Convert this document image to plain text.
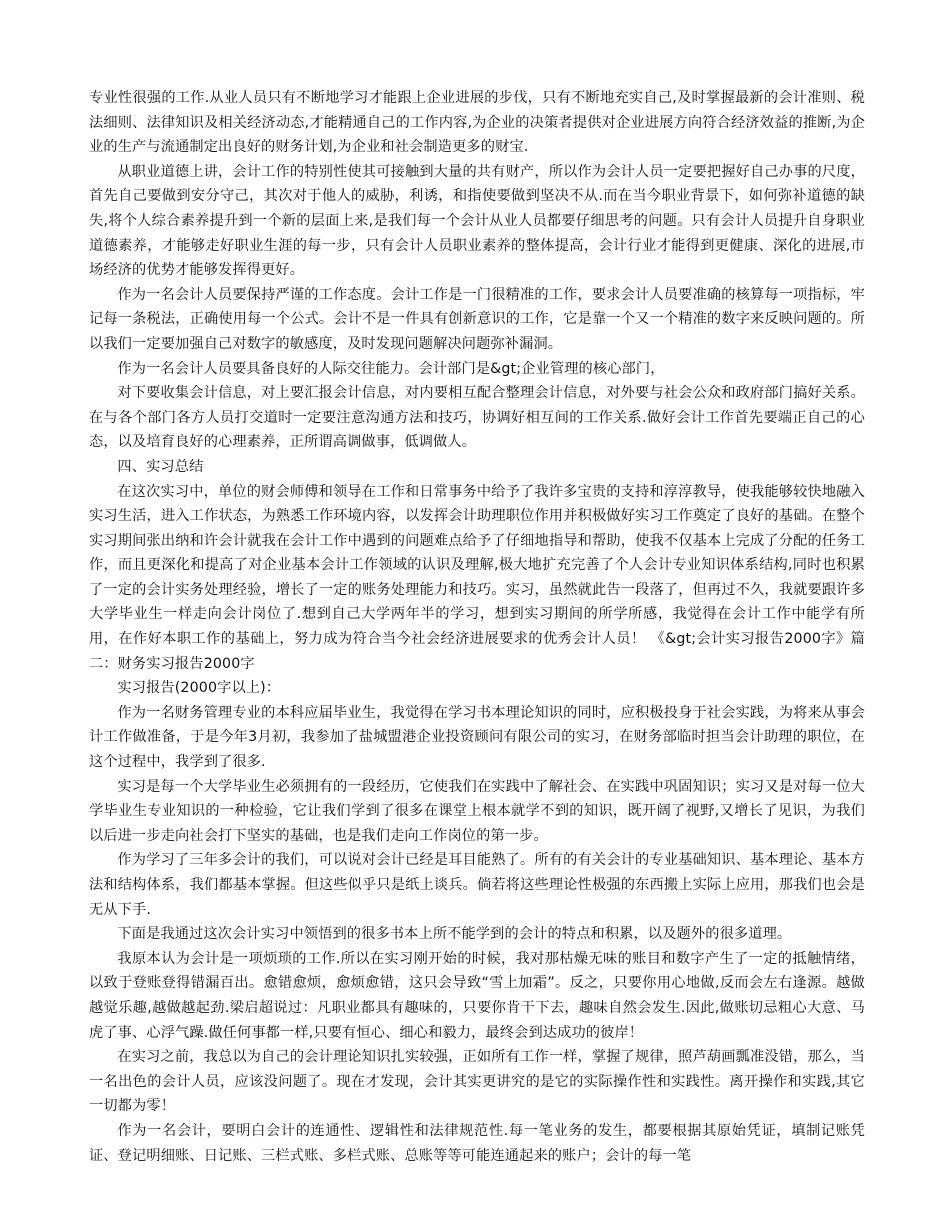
专业性很强的工作.从业人员只有不断地学习才能跟上企业进展的步伐，只有不断地充实自己,及时掌握最新的会计准则、税法细则、法律知识及相关经济动态,才能精通自己的工作内容,为企业的决策者提供对企业进展方向符合经济效益的推断,为企业的生产与流通制定出良好的财务计划,为企业和社会制造更多的财宝.

从职业道德上讲，会计工作的特别性使其可接触到大量的共有财产，所以作为会计人员一定要把握好自己办事的尺度，首先自己要做到安分守己，其次对于他人的威胁，利诱，和指使要做到坚决不从.而在当今职业背景下，如何弥补道德的缺失,将个人综合素养提升到一个新的层面上来,是我们每一个会计从业人员都要仔细思考的问题。只有会计人员提升自身职业道德素养，才能够走好职业生涯的每一步，只有会计人员职业素养的整体提高，会计行业才能得到更健康、深化的进展,市场经济的优势才能够发挥得更好。

作为一名会计人员要保持严谨的工作态度。会计工作是一门很精准的工作，要求会计人员要准确的核算每一项指标，牢记每一条税法，正确使用每一个公式。会计不是一件具有创新意识的工作，它是靠一个又一个精准的数字来反映问题的。所以我们一定要加强自己对数字的敏感度，及时发现问题解决问题弥补漏洞。

作为一名会计人员要具备良好的人际交往能力。会计部门是&gt;企业管理的核心部门，

对下要收集会计信息，对上要汇报会计信息，对内要相互配合整理会计信息，对外要与社会公众和政府部门搞好关系。在与各个部门各方人员打交道时一定要注意沟通方法和技巧，协调好相互间的工作关系.做好会计工作首先要端正自己的心态，以及培育良好的心理素养，正所谓高调做事，低调做人。

四、实习总结

在这次实习中，单位的财会师傅和领导在工作和日常事务中给予了我许多宝贵的支持和淳淳教导，使我能够较快地融入实习生活，进入工作状态，为熟悉工作环境内容，以发挥会计助理职位作用并积极做好实习工作奠定了良好的基础。在整个实习期间张出纳和许会计就我在会计工作中遇到的问题难点给予了仔细地指导和帮助，使我不仅基本上完成了分配的任务工作，而且更深化和提高了对企业基本会计工作领域的认识及理解,极大地扩充完善了个人会计专业知识体系结构,同时也积累了一定的会计实务处理经验，增长了一定的账务处理能力和技巧。实习，虽然就此告一段落了，但再过不久，我就要跟许多大学毕业生一样走向会计岗位了.想到自己大学两年半的学习，想到实习期间的所学所感，我觉得在会计工作中能学有所用，在作好本职工作的基础上，努力成为符合当今社会经济进展要求的优秀会计人员！ 《&gt;会计实习报告2000字》篇二：财务实习报告2000字

实习报告(2000字以上)：

作为一名财务管理专业的本科应届毕业生，我觉得在学习书本理论知识的同时，应积极投身于社会实践，为将来从事会计工作做准备，于是今年3月初，我参加了盐城盟港企业投资顾问有限公司的实习，在财务部临时担当会计助理的职位，在这个过程中，我学到了很多.

实习是每一个大学毕业生必须拥有的一段经历，它使我们在实践中了解社会、在实践中巩固知识；实习又是对每一位大学毕业生专业知识的一种检验，它让我们学到了很多在课堂上根本就学不到的知识，既开阔了视野,又增长了见识，为我们以后进一步走向社会打下坚实的基础，也是我们走向工作岗位的第一步。

作为学习了三年多会计的我们，可以说对会计已经是耳目能熟了。所有的有关会计的专业基础知识、基本理论、基本方法和结构体系，我们都基本掌握。但这些似乎只是纸上谈兵。倘若将这些理论性极强的东西搬上实际上应用，那我们也会是无从下手.

下面是我通过这次会计实习中领悟到的很多书本上所不能学到的会计的特点和积累，以及题外的很多道理。

我原本认为会计是一项烦琐的工作.所以在实习刚开始的时候，我对那枯燥无味的账目和数字产生了一定的抵触情绪，以致于登账登得错漏百出。愈错愈烦，愈烦愈错，这只会导致“雪上加霜”。反之，只要你用心地做,反而会左右逢源。越做越觉乐趣,越做越起劲.梁启超说过：凡职业都具有趣味的，只要你肯干下去，趣味自然会发生.因此,做账切忌粗心大意、马虎了事、心浮气躁.做任何事都一样,只要有恒心、细心和毅力，最终会到达成功的彼岸！

在实习之前，我总以为自己的会计理论知识扎实较强，正如所有工作一样，掌握了规律，照芦葫画瓢准没错，那么，当一名出色的会计人员，应该没问题了。现在才发现，会计其实更讲究的是它的实际操作性和实践性。离开操作和实践,其它一切都为零！

作为一名会计，要明白会计的连通性、逻辑性和法律规范性.每一笔业务的发生，都要根据其原始凭证，填制记账凭证、登记明细账、日记账、三栏式账、多栏式账、总账等等可能连通起来的账户；会计的每一笔
